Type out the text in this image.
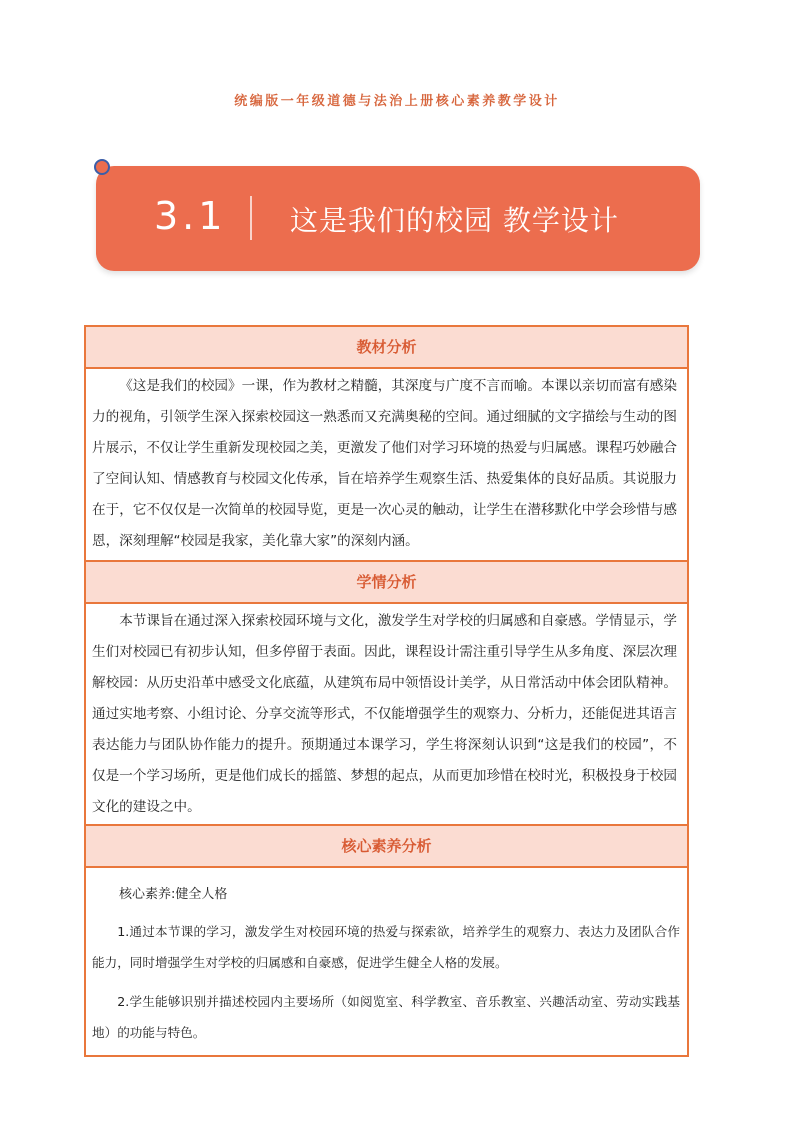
统编版一年级道德与法治上册核心素养教学设计
3.1 这是我们的校园 教学设计
教材分析

《这是我们的校园》一课，作为教材之精髓，其深度与广度不言而喻。本课以亲切而富有感染力的视角，引领学生深入探索校园这一熟悉而又充满奥秘的空间。通过细腻的文字描绘与生动的图片展示，不仅让学生重新发现校园之美，更激发了他们对学习环境的热爱与归属感。课程巧妙融合了空间认知、情感教育与校园文化传承，旨在培养学生观察生活、热爱集体的良好品质。其说服力在于，它不仅仅是一次简单的校园导览，更是一次心灵的触动，让学生在潜移默化中学会珍惜与感恩，深刻理解“校园是我家，美化靠大家”的深刻内涵。

学情分析

本节课旨在通过深入探索校园环境与文化，激发学生对学校的归属感和自豪感。学情显示，学生们对校园已有初步认知，但多停留于表面。因此，课程设计需注重引导学生从多角度、深层次理解校园：从历史沿革中感受文化底蕴，从建筑布局中领悟设计美学，从日常活动中体会团队精神。通过实地考察、小组讨论、分享交流等形式，不仅能增强学生的观察力、分析力，还能促进其语言表达能力与团队协作能力的提升。预期通过本课学习，学生将深刻认识到“这是我们的校园”，不仅是一个学习场所，更是他们成长的摇篮、梦想的起点，从而更加珍惜在校时光，积极投身于校园文化的建设之中。

核心素养分析
核心素养:健全人格
1.通过本节课的学习，激发学生对校园环境的热爱与探索欲，培养学生的观察力、表达力及团队合作能力，同时增强学生对学校的归属感和自豪感，促进学生健全人格的发展。
2.学生能够识别并描述校园内主要场所（如阅览室、科学教室、音乐教室、兴趣活动室、劳动实践基地）的功能与特色。
